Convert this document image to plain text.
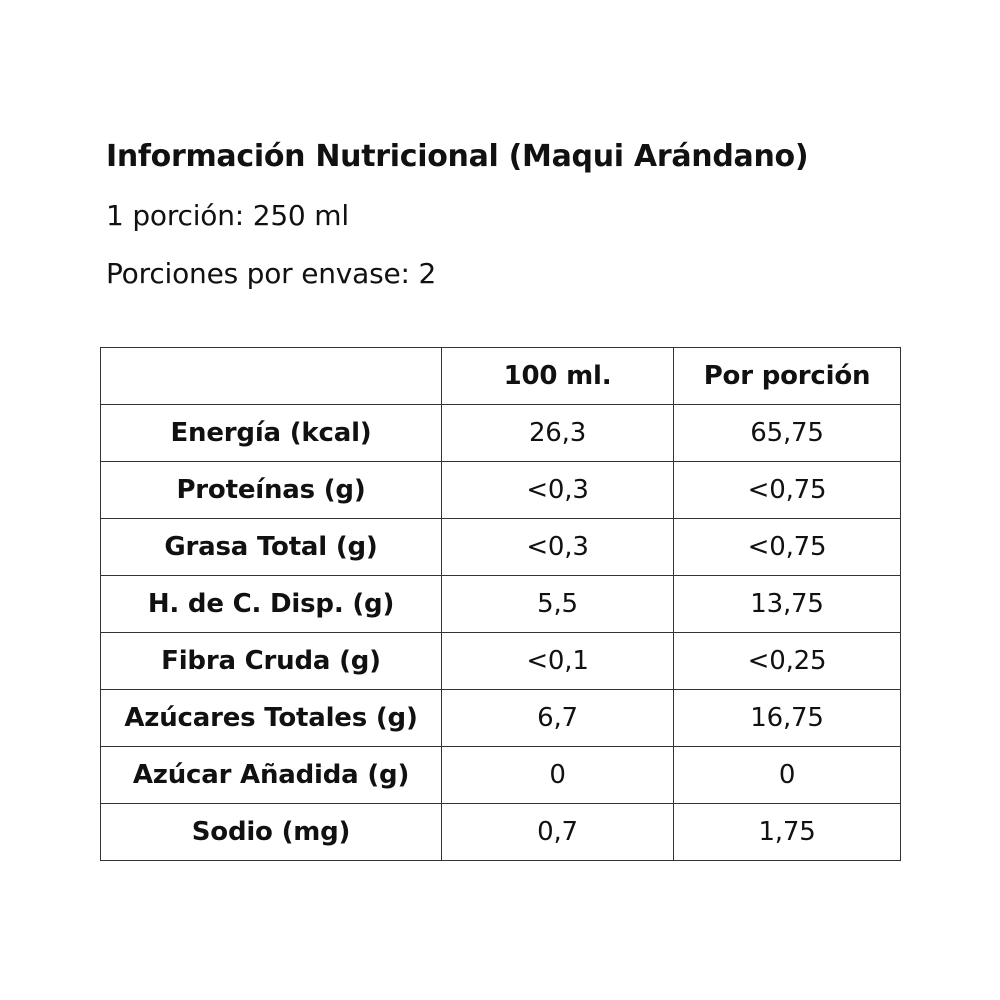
Información Nutricional (Maqui Arándano)
1 porción: 250 ml
Porciones por envase: 2
	100 ml.	Por porción
Energía (kcal)	26,3	65,75
Proteínas (g)	<0,3	<0,75
Grasa Total (g)	<0,3	<0,75
H. de C. Disp. (g)	5,5	13,75
Fibra Cruda (g)	<0,1	<0,25
Azúcares Totales (g)	6,7	16,75
Azúcar Añadida (g)	0	0
Sodio (mg)	0,7	1,75
